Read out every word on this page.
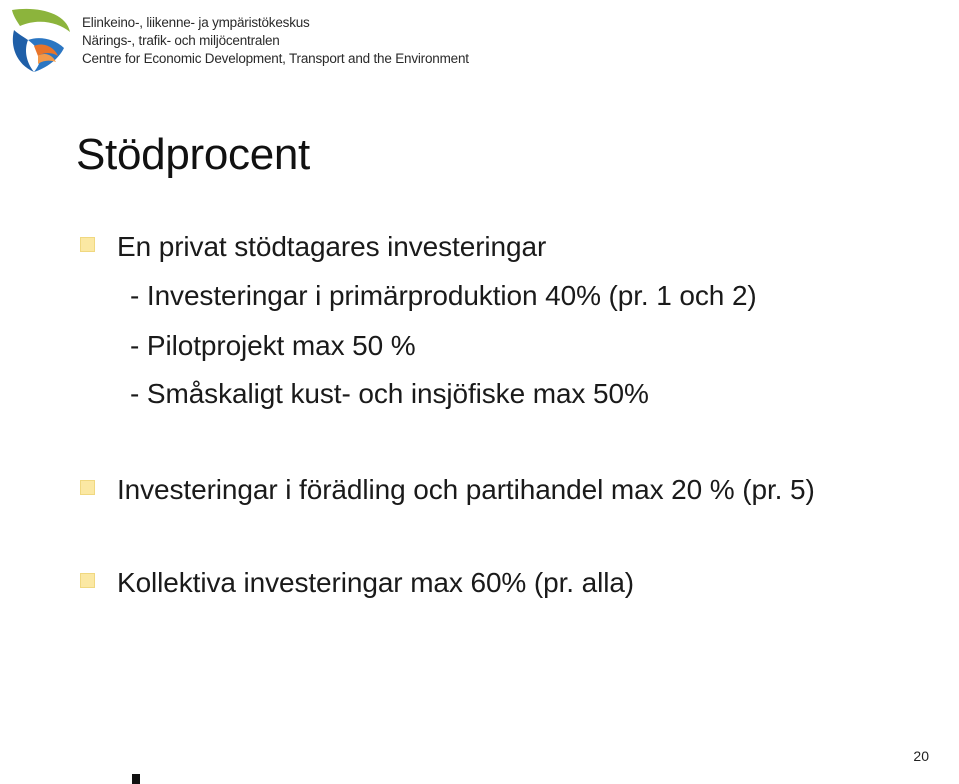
Elinkeino-, liikenne- ja ympäristökeskus
Närings-, trafik- och miljöcentralen
Centre for Economic Development, Transport and the Environment
Stödprocent
En privat stödtagares investeringar
- Investeringar i primärproduktion 40% (pr. 1 och 2)
- Pilotprojekt max 50 %
- Småskaligt kust- och insjöfiske max 50%
Investeringar i förädling och partihandel max 20 % (pr. 5)
Kollektiva investeringar max 60% (pr. alla)
20
